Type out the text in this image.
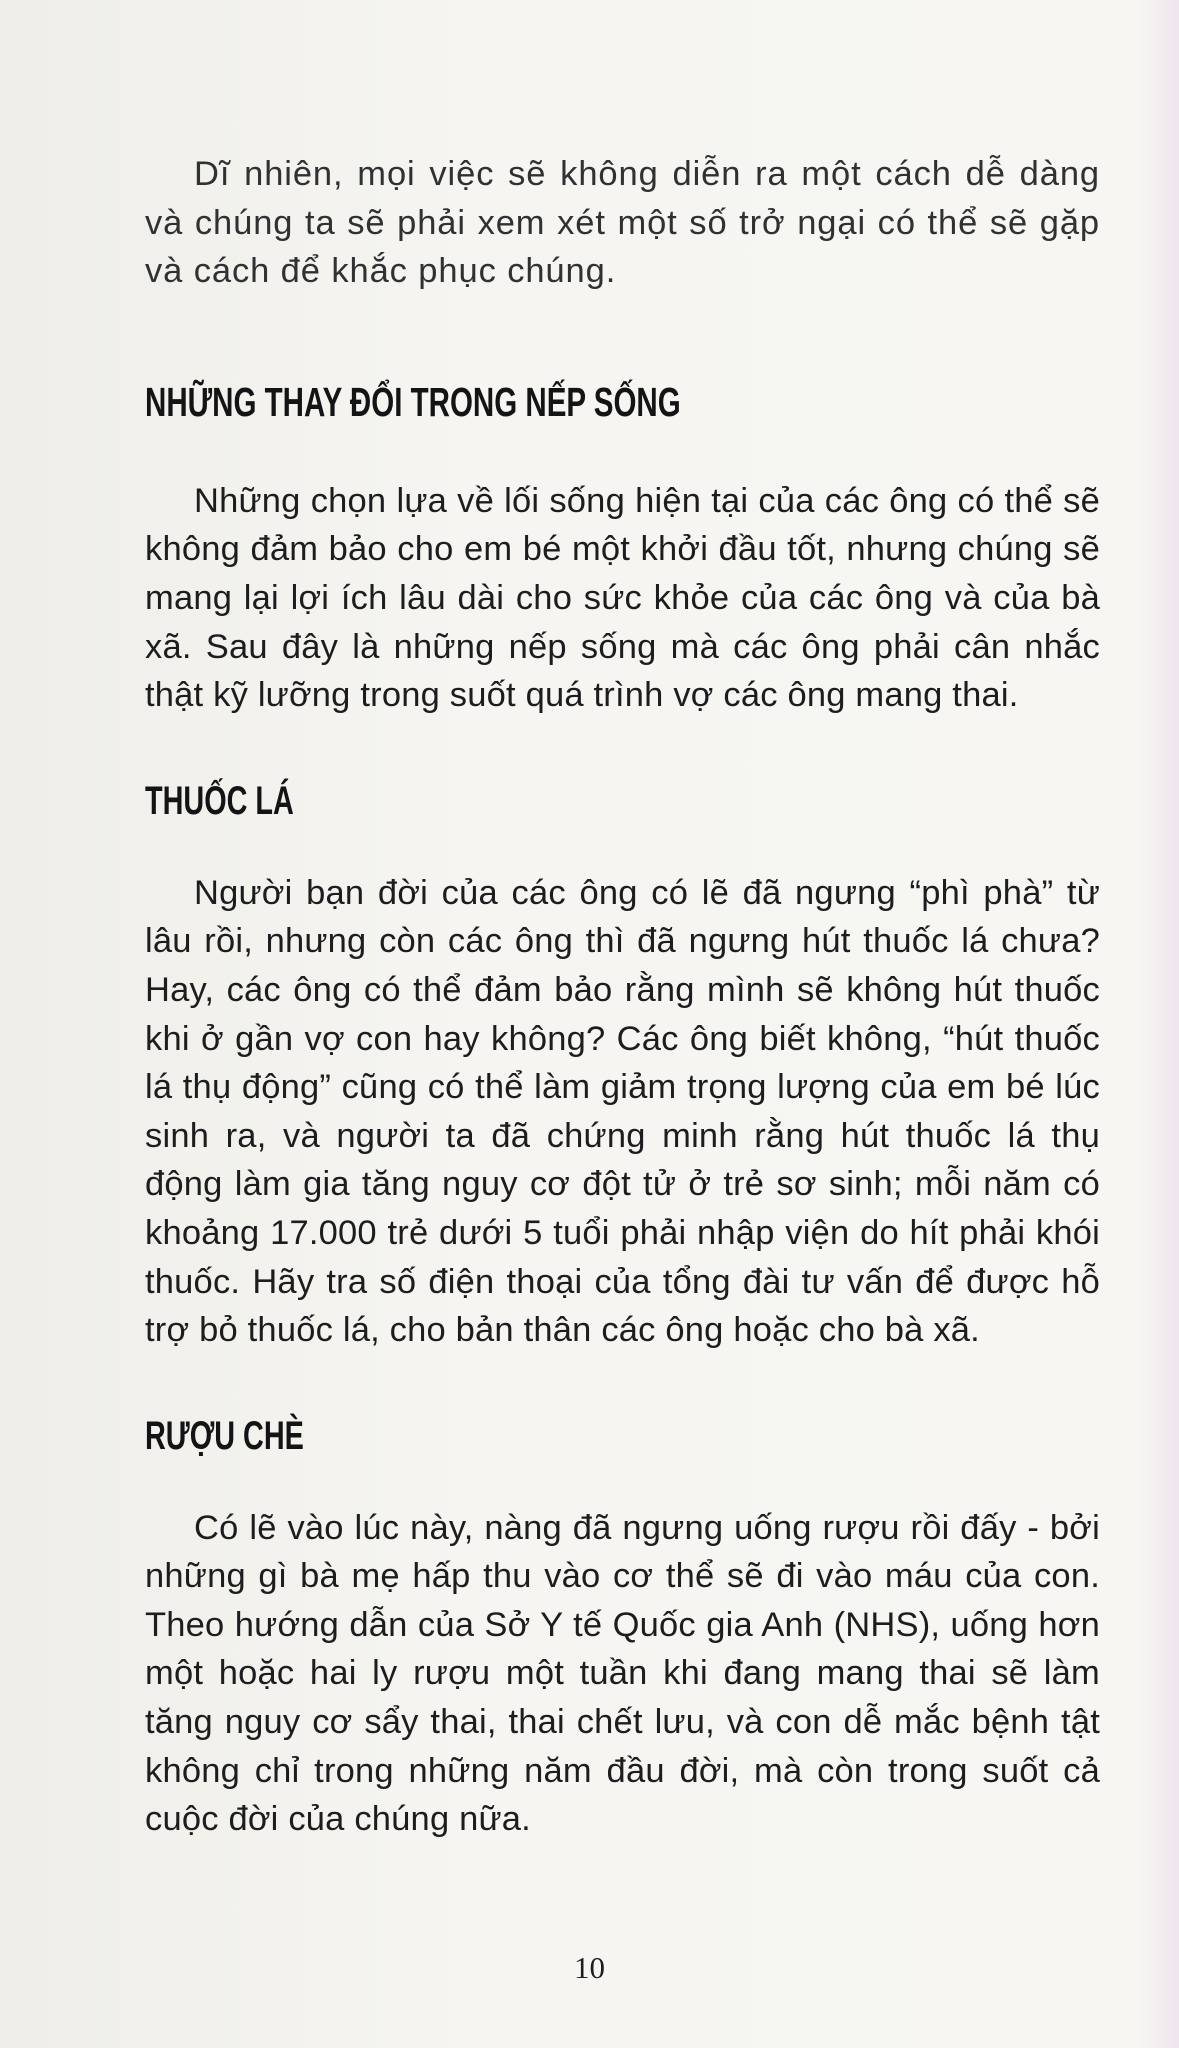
Dĩ nhiên, mọi việc sẽ không diễn ra một cách dễ dàng và chúng ta sẽ phải xem xét một số trở ngại có thể sẽ gặp và cách để khắc phục chúng.

NHỮNG THAY ĐỔI TRONG NẾP SỐNG

Những chọn lựa về lối sống hiện tại của các ông có thể sẽ không đảm bảo cho em bé một khởi đầu tốt, nhưng chúng sẽ mang lại lợi ích lâu dài cho sức khỏe của các ông và của bà xã. Sau đây là những nếp sống mà các ông phải cân nhắc thật kỹ lưỡng trong suốt quá trình vợ các ông mang thai.

THUỐC LÁ

Người bạn đời của các ông có lẽ đã ngưng “phì phà” từ lâu rồi, nhưng còn các ông thì đã ngưng hút thuốc lá chưa? Hay, các ông có thể đảm bảo rằng mình sẽ không hút thuốc khi ở gần vợ con hay không? Các ông biết không, “hút thuốc lá thụ động” cũng có thể làm giảm trọng lượng của em bé lúc sinh ra, và người ta đã chứng minh rằng hút thuốc lá thụ động làm gia tăng nguy cơ đột tử ở trẻ sơ sinh; mỗi năm có khoảng 17.000 trẻ dưới 5 tuổi phải nhập viện do hít phải khói thuốc. Hãy tra số điện thoại của tổng đài tư vấn để được hỗ trợ bỏ thuốc lá, cho bản thân các ông hoặc cho bà xã.

RƯỢU CHÈ

Có lẽ vào lúc này, nàng đã ngưng uống rượu rồi đấy - bởi những gì bà mẹ hấp thu vào cơ thể sẽ đi vào máu của con. Theo hướng dẫn của Sở Y tế Quốc gia Anh (NHS), uống hơn một hoặc hai ly rượu một tuần khi đang mang thai sẽ làm tăng nguy cơ sẩy thai, thai chết lưu, và con dễ mắc bệnh tật không chỉ trong những năm đầu đời, mà còn trong suốt cả cuộc đời của chúng nữa.

10
